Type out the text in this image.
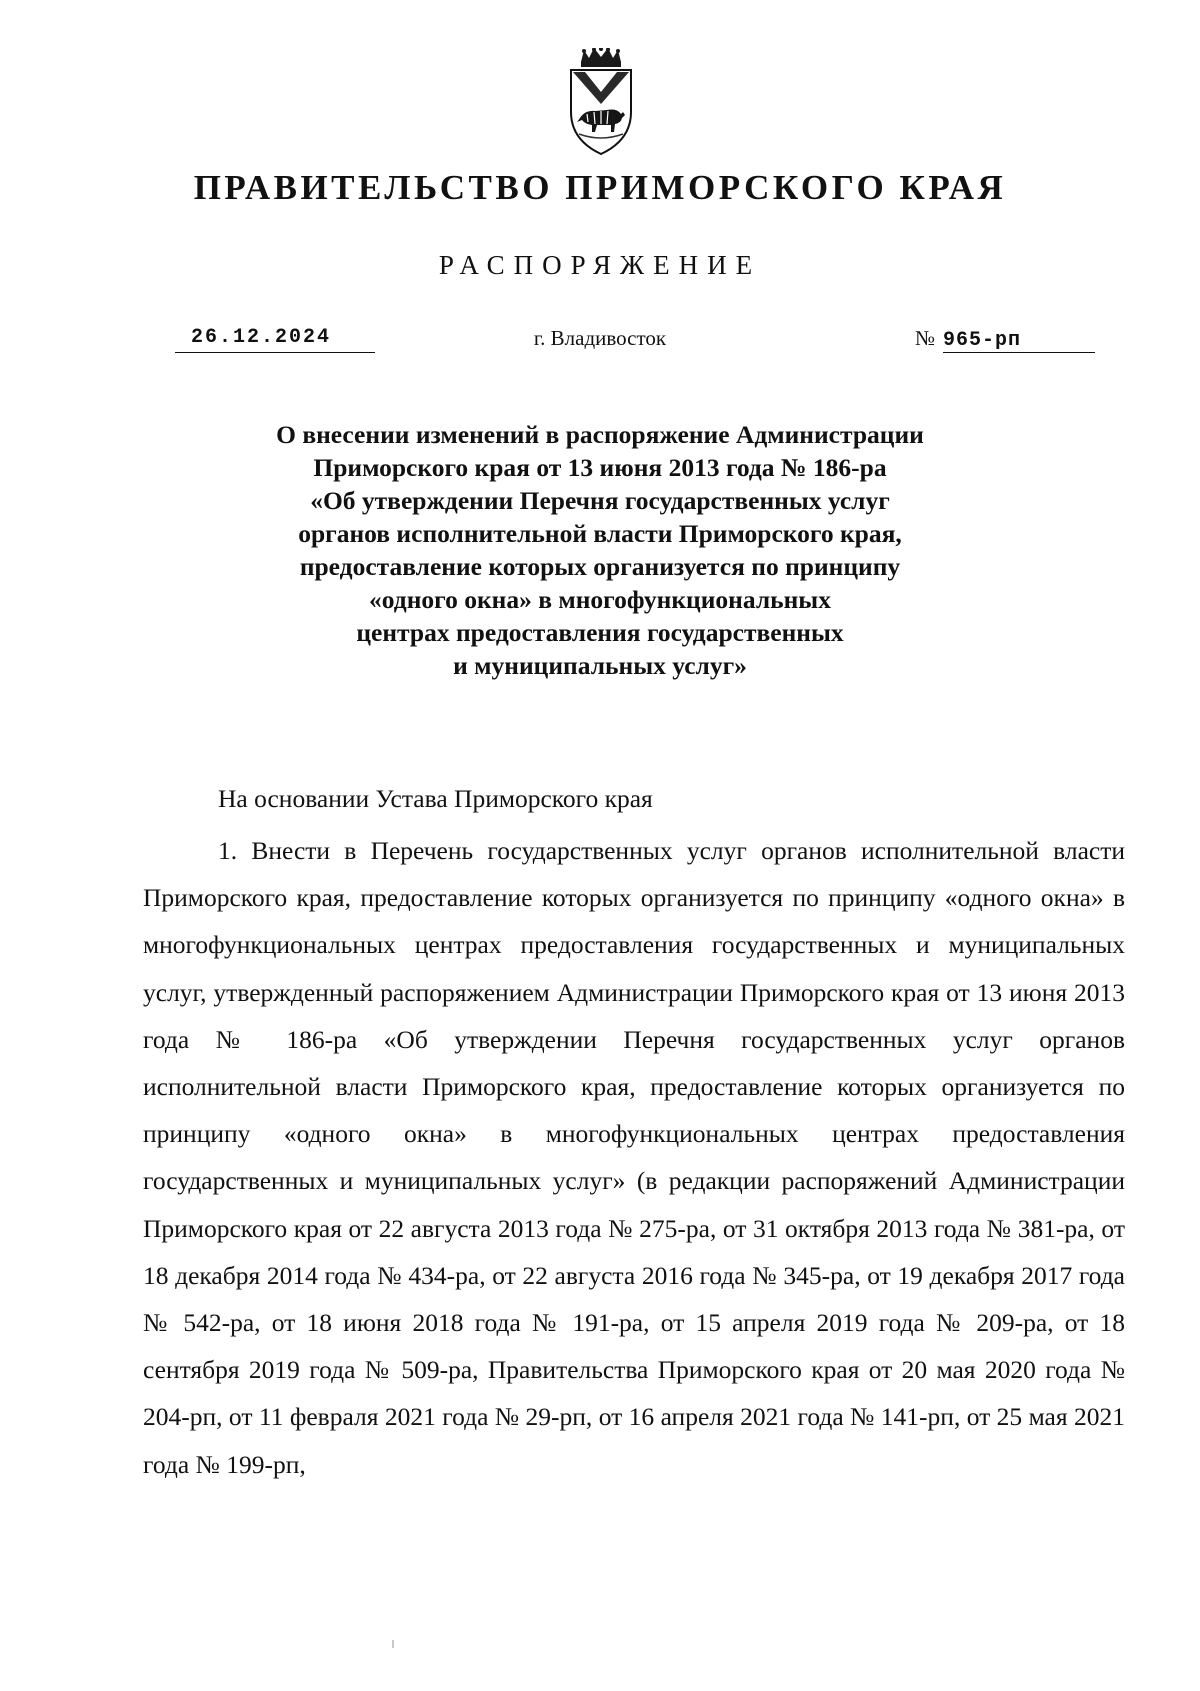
ПРАВИТЕЛЬСТВО ПРИМОРСКОГО КРАЯ
РАСПОРЯЖЕНИЕ
26.12.2024	г. Владивосток	№ 965-рп
О внесении изменений в распоряжение Администрации
Приморского края от 13 июня 2013 года № 186-ра
«Об утверждении Перечня государственных услуг
органов исполнительной власти Приморского края,
предоставление которых организуется по принципу
«одного окна» в многофункциональных
центрах предоставления государственных
и муниципальных услуг»

На основании Устава Приморского края

1. Внести в Перечень государственных услуг органов исполнительной власти Приморского края, предоставление которых организуется по принципу «одного окна» в многофункциональных центрах предоставления государственных и муниципальных услуг, утвержденный распоряжением Администрации Приморского края от 13 июня 2013 года № 186-ра «Об утверждении Перечня государственных услуг органов исполнительной власти Приморского края, предоставление которых организуется по принципу «одного окна» в многофункциональных центрах предоставления государственных и муниципальных услуг» (в редакции распоряжений Администрации Приморского края от 22 августа 2013 года № 275-ра, от 31 октября 2013 года № 381-ра, от 18 декабря 2014 года № 434-ра, от 22 августа 2016 года № 345-ра, от 19 декабря 2017 года № 542-ра, от 18 июня 2018 года № 191-ра, от 15 апреля 2019 года № 209-ра, от 18 сентября 2019 года № 509-ра, Правительства Приморского края от 20 мая 2020 года № 204-рп, от 11 февраля 2021 года № 29-рп, от 16 апреля 2021 года № 141-рп, от 25 мая 2021 года № 199-рп,
